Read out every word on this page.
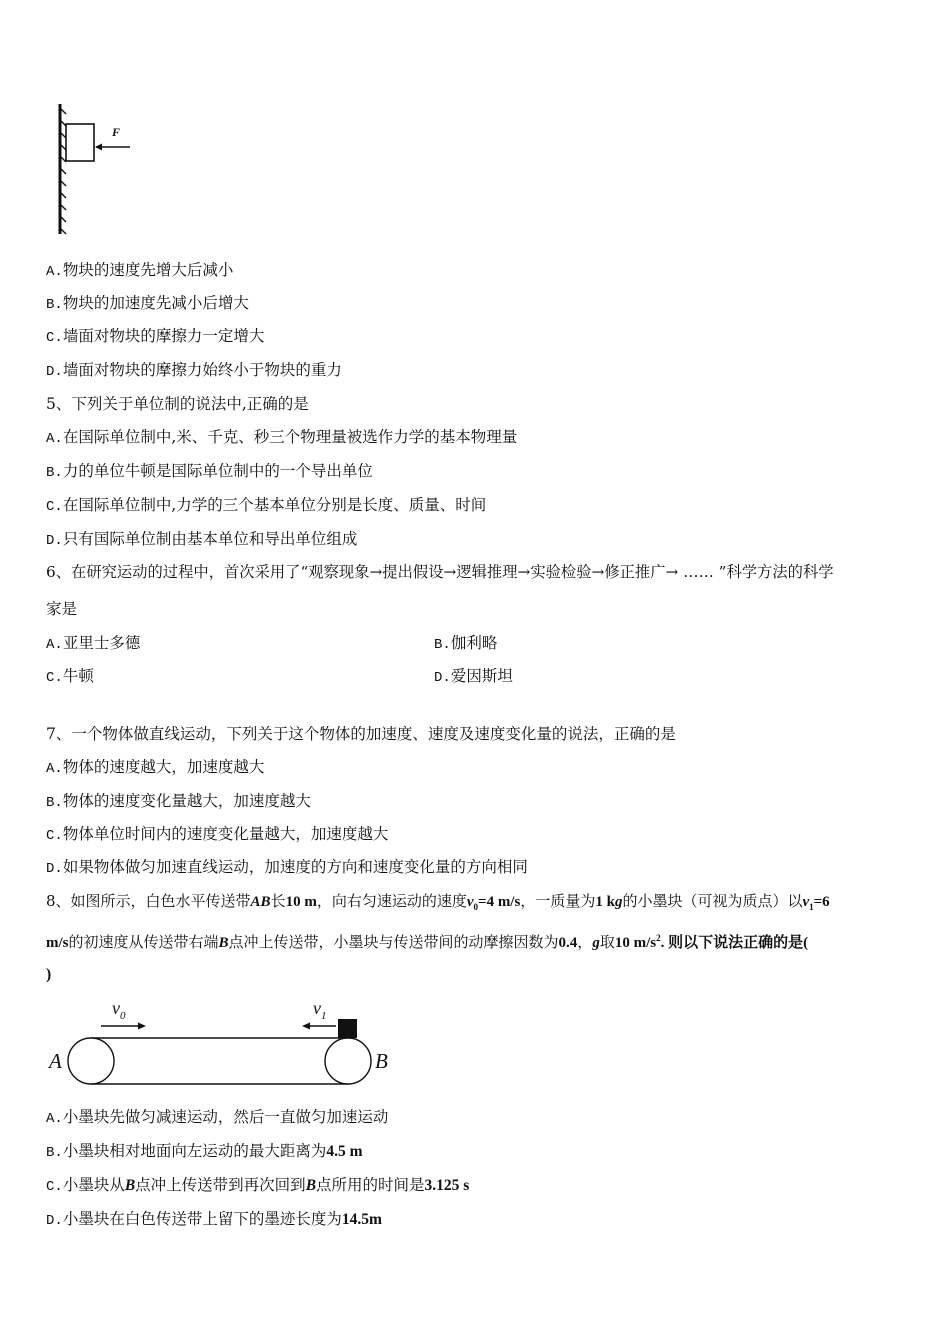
F
A.物块的速度先增大后减小
B.物块的加速度先减小后增大
C.墙面对物块的摩擦力一定增大
D.墙面对物块的摩擦力始终小于物块的重力
5、下列关于单位制的说法中,正确的是
A.在国际单位制中,米、千克、秒三个物理量被选作力学的基本物理量
B.力的单位牛顿是国际单位制中的一个导出单位
C.在国际单位制中,力学的三个基本单位分别是长度、质量、时间
D.只有国际单位制由基本单位和导出单位组成
6、在研究运动的过程中，首次采用了“观察现象→提出假设→逻辑推理→实验检验→修正推广→ …… ”科学方法的科学
家是
A.亚里士多德	B.伽利略
C.牛顿	D.爱因斯坦
7、一个物体做直线运动，下列关于这个物体的加速度、速度及速度变化量的说法，正确的是
A.物体的速度越大，加速度越大
B.物体的速度变化量越大，加速度越大
C.物体单位时间内的速度变化量越大，加速度越大
D.如果物体做匀加速直线运动，加速度的方向和速度变化量的方向相同
8、如图所示，白色水平传送带AB长10 m，向右匀速运动的速度$v_0=4$ m/s，一质量为1 kg的小墨块（可视为质点）以$v_1=6$
m/s的初速度从传送带右端B点冲上传送带，小墨块与传送带间的动摩擦因数为0.4，g取10 $m/s^2$. 则以下说法正确的是(
)
$v_0$	$v_1$
A	B
A.小墨块先做匀减速运动，然后一直做匀加速运动
B.小墨块相对地面向左运动的最大距离为4.5 m
C.小墨块从B点冲上传送带到再次回到B点所用的时间是3.125 s
D.小墨块在白色传送带上留下的墨迹长度为14.5m
